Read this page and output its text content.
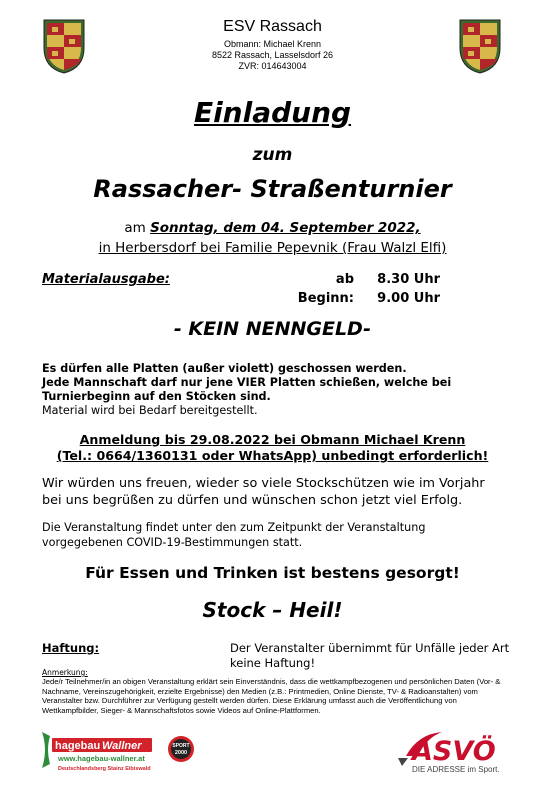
ESV Rassach
Obmann: Michael Krenn
8522 Rassach, Lasselsdorf 26
ZVR: 014643004
Einladung
zum
Rassacher- Straßenturnier
am Sonntag, dem 04. September 2022,
in Herbersdorf bei Familie Pepevnik (Frau Walzl Elfi)
Materialausgabe:	ab 8.30 Uhr
Beginn: 9.00 Uhr
- KEIN NENNGELD-
Es dürfen alle Platten (außer violett) geschossen werden.
Jede Mannschaft darf nur jene VIER Platten schießen, welche bei
Turnierbeginn auf den Stöcken sind.
Material wird bei Bedarf bereitgestellt.
Anmeldung bis 29.08.2022 bei Obmann Michael Krenn
(Tel.: 0664/1360131 oder WhatsApp) unbedingt erforderlich!
Wir würden uns freuen, wieder so viele Stockschützen wie im Vorjahr
bei uns begrüßen zu dürfen und wünschen schon jetzt viel Erfolg.
Die Veranstaltung findet unter den zum Zeitpunkt der Veranstaltung
vorgegebenen COVID-19-Bestimmungen statt.
Für Essen und Trinken ist bestens gesorgt!
Stock – Heil!
Haftung:	Der Veranstalter übernimmt für Unfälle jeder Art
keine Haftung!
Anmerkung:
Jede/r Teilnehmer/in an obigen Veranstaltung erklärt sein Einverständnis, dass die wettkampfbezogenen und persönlichen Daten (Vor- & Nachname, Vereinszugehörigkeit, erzielte Ergebnisse) den Medien (z.B.: Printmedien, Online Dienste, TV- & Radioanstalten) vom Veranstalter bzw. Durchführer zur Verfügung gestellt werden dürfen. Diese Erklärung umfasst auch die Veröffentlichung von Wettkampfbilder, Sieger- & Mannschaftsfotos sowie Videos auf Online-Plattformen.
hagebau Wallner
www.hagebau-wallner.at
Deutschlandsberg Stainz Eibiswald
SPORT
2000	ASVÖ
DIE ADRESSE im Sport.
